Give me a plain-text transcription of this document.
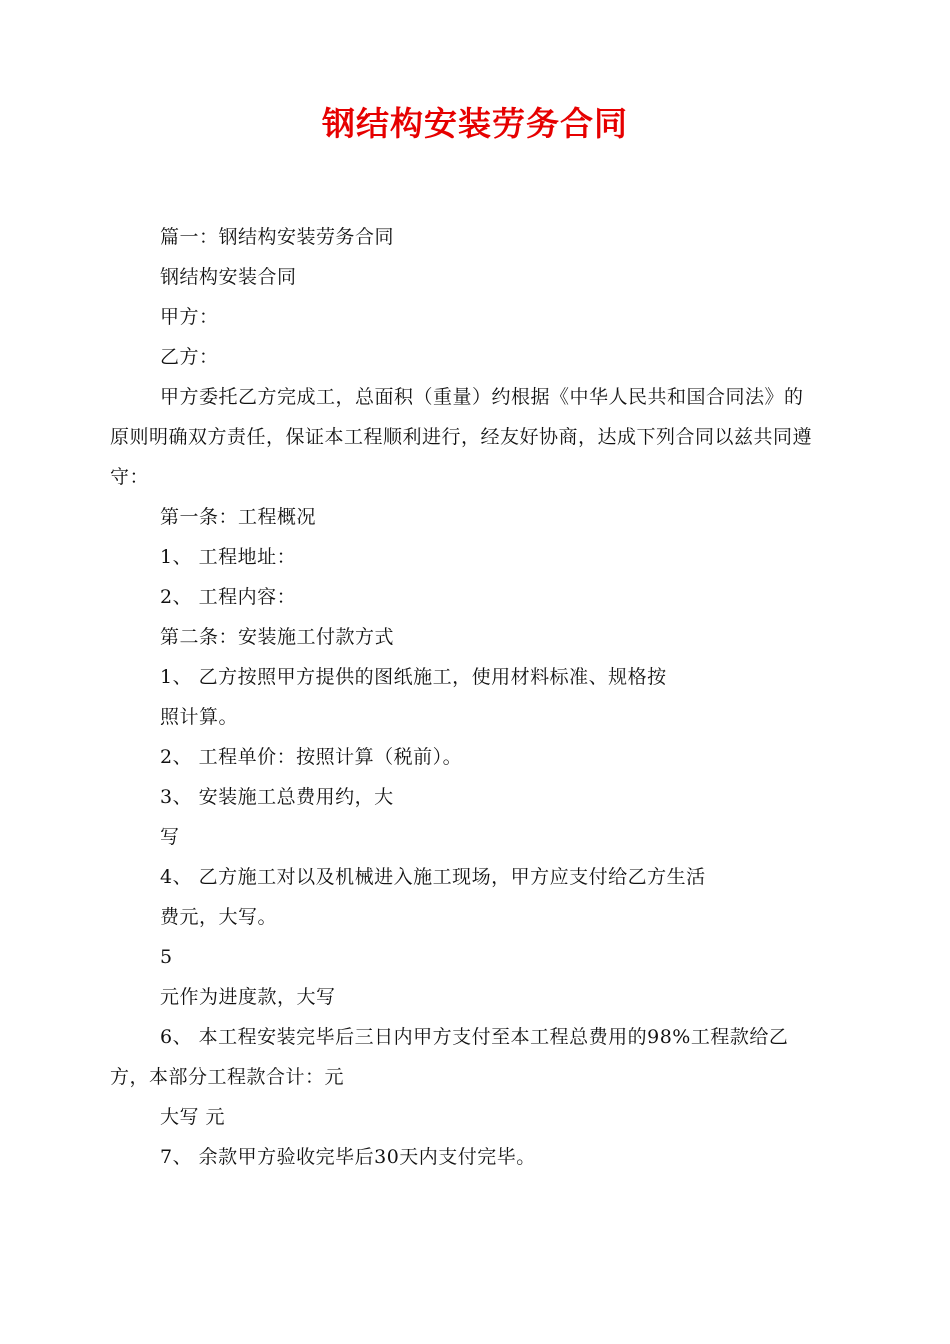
钢结构安装劳务合同
篇一：钢结构安装劳务合同
钢结构安装合同
甲方：
乙方：
甲方委托乙方完成工，总面积（重量）约根据《中华人民共和国合同法》的
原则明确双方责任，保证本工程顺利进行，经友好协商，达成下列合同以兹共同遵
守：
第一条：工程概况
1、 工程地址：
2、 工程内容：
第二条：安装施工付款方式
1、 乙方按照甲方提供的图纸施工，使用材料标准、规格按
照计算。
2、 工程单价：按照计算（税前）。
3、 安装施工总费用约，大
写
4、 乙方施工对以及机械进入施工现场，甲方应支付给乙方生活
费元，大写。
5
元作为进度款，大写
6、 本工程安装完毕后三日内甲方支付至本工程总费用的98%工程款给乙
方，本部分工程款合计：元
大写 元
7、 余款甲方验收完毕后30天内支付完毕。
